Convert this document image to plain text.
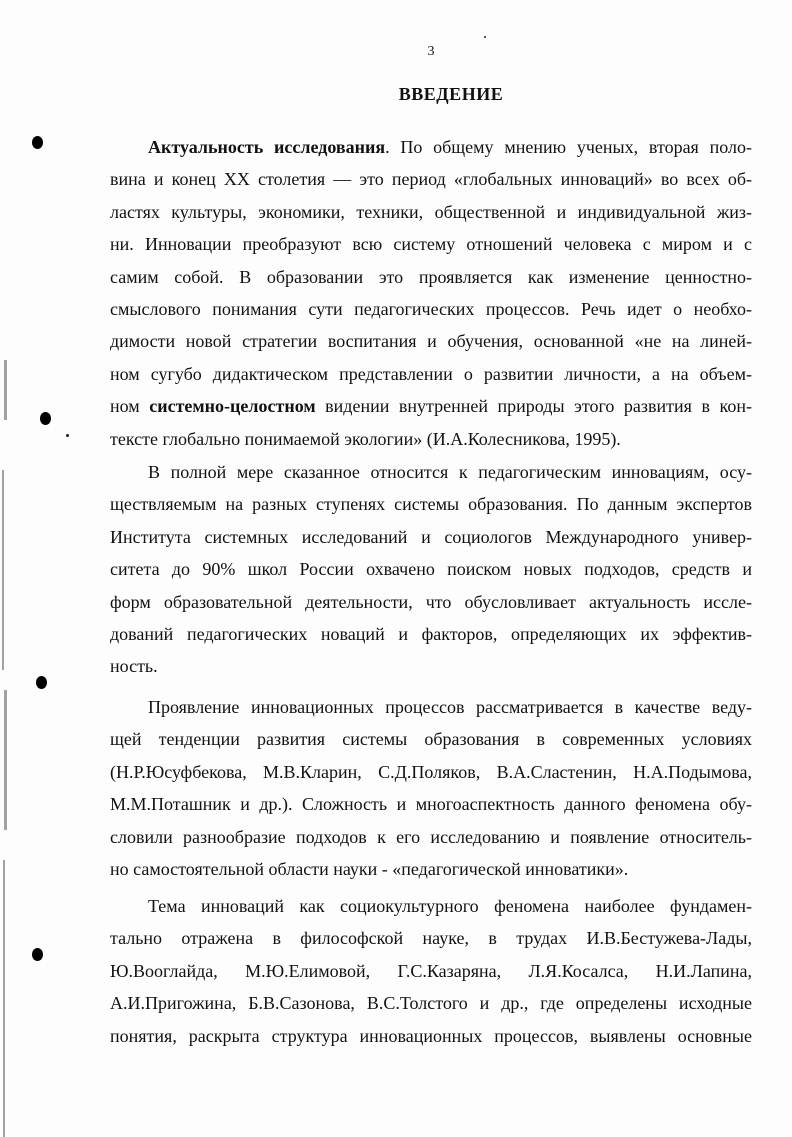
3
ВВЕДЕНИЕ
Актуальность исследования. По общему мнению ученых, вторая поло-
вина и конец XX столетия — это период «глобальных инноваций» во всех об-
ластях культуры, экономики, техники, общественной и индивидуальной жиз-
ни. Инновации преобразуют всю систему отношений человека с миром и с
самим собой. В образовании это проявляется как изменение ценностно-
смыслового понимания сути педагогических процессов. Речь идет о необхо-
димости новой стратегии воспитания и обучения, основанной «не на линей-
ном сугубо дидактическом представлении о развитии личности, а на объем-
ном системно-целостном видении внутренней природы этого развития в кон-
тексте глобально понимаемой экологии» (И.А.Колесникова, 1995).
В полной мере сказанное относится к педагогическим инновациям, осу-
ществляемым на разных ступенях системы образования. По данным экспертов
Института системных исследований и социологов Международного универ-
ситета до 90% школ России охвачено поиском новых подходов, средств и
форм образовательной деятельности, что обусловливает актуальность иссле-
дований педагогических новаций и факторов, определяющих их эффектив-
ность.
Проявление инновационных процессов рассматривается в качестве веду-
щей тенденции развития системы образования в современных условиях
(Н.Р.Юсуфбекова, М.В.Кларин, С.Д.Поляков, В.А.Сластенин, Н.А.Подымова,
М.М.Поташник и др.). Сложность и многоаспектность данного феномена обу-
словили разнообразие подходов к его исследованию и появление относитель-
но самостоятельной области науки - «педагогической инноватики».
Тема инноваций как социокультурного феномена наиболее фундамен-
тально отражена в философской науке, в трудах И.В.Бестужева-Лады,
Ю.Вooглайда, М.Ю.Елимовой, Г.С.Казаряна, Л.Я.Косалса, Н.И.Лапина,
А.И.Пригожина, Б.В.Сазонова, В.С.Толстого и др., где определены исходные
понятия, раскрыта структура инновационных процессов, выявлены основные
